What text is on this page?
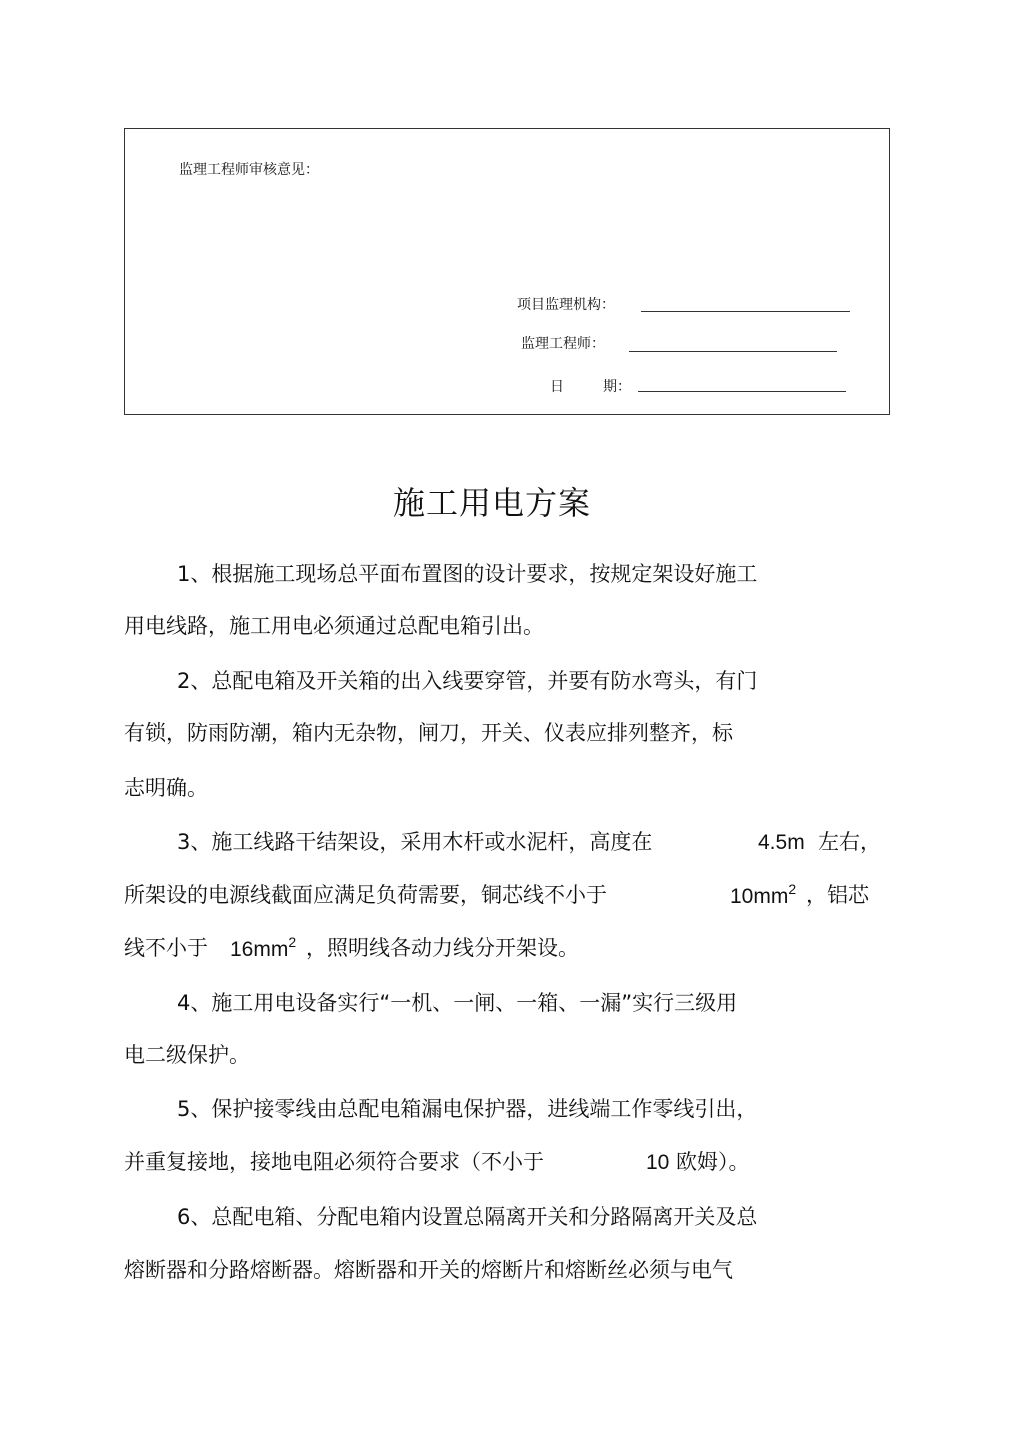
监理工程师审核意见：
项目监理机构：
监理工程师：
日	期：
施工用电方案
1、根据施工现场总平面布置图的设计要求，按规定架设好施工
用电线路，施工用电必须通过总配电箱引出。
2、总配电箱及开关箱的出入线要穿管，并要有防水弯头，有门
有锁，防雨防潮，箱内无杂物，闸刀，开关、仪表应排列整齐，标
志明确。
3、施工线路干结架设，采用木杆或水泥杆，高度在	4.5m 左右，
所架设的电源线截面应满足负荷需要，铜芯线不小于	$10mm^2$ ，铝芯
线不小于 $16mm^2$ ，照明线各动力线分开架设。
4、施工用电设备实行“一机、一闸、一箱、一漏”实行三级用
电二级保护。
5、保护接零线由总配电箱漏电保护器，进线端工作零线引出，
并重复接地，接地电阻必须符合要求（不小于	10 欧姆）。
6、总配电箱、分配电箱内设置总隔离开关和分路隔离开关及总
熔断器和分路熔断器。熔断器和开关的熔断片和熔断丝必须与电气
